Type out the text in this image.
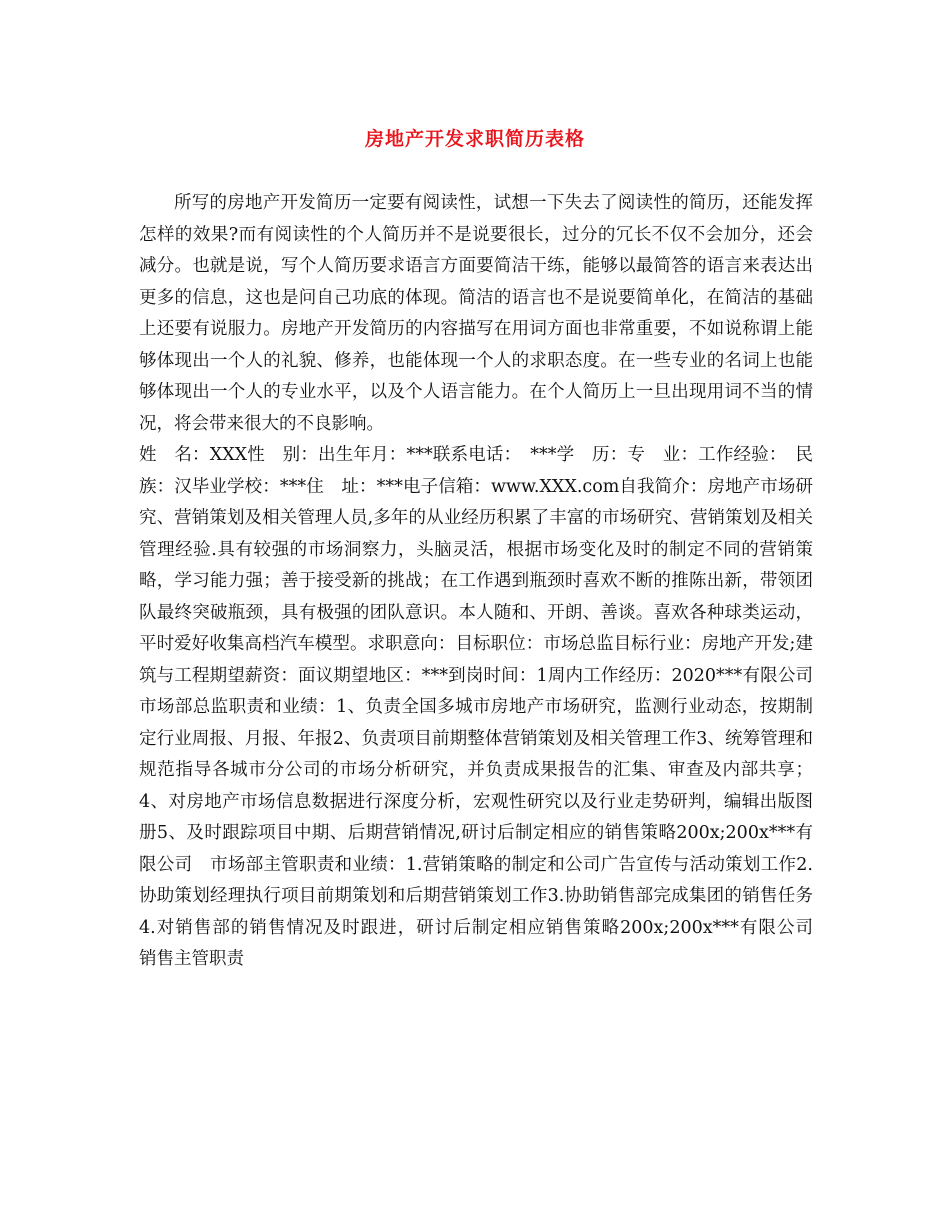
房地产开发求职简历表格

所写的房地产开发简历一定要有阅读性，试想一下失去了阅读性的简历，还能发挥怎样的效果?而有阅读性的个人简历并不是说要很长，过分的冗长不仅不会加分，还会减分。也就是说，写个人简历要求语言方面要简洁干练，能够以最简答的语言来表达出更多的信息，这也是问自己功底的体现。简洁的语言也不是说要简单化，在简洁的基础上还要有说服力。房地产开发简历的内容描写在用词方面也非常重要，不如说称谓上能够体现出一个人的礼貌、修养，也能体现一个人的求职态度。在一些专业的名词上也能够体现出一个人的专业水平，以及个人语言能力。在个人简历上一旦出现用词不当的情况，将会带来很大的不良影响。

姓　名：XXX性　别：出生年月：***联系电话：　***学　历：专　业：工作经验：　民族：汉毕业学校：***住　址：***电子信箱：www.XXX.com自我简介：房地产市场研究、营销策划及相关管理人员,多年的从业经历积累了丰富的市场研究、营销策划及相关管理经验.具有较强的市场洞察力，头脑灵活，根据市场变化及时的制定不同的营销策略，学习能力强；善于接受新的挑战；在工作遇到瓶颈时喜欢不断的推陈出新，带领团队最终突破瓶颈，具有极强的团队意识。本人随和、开朗、善谈。喜欢各种球类运动，平时爱好收集高档汽车模型。求职意向：目标职位：市场总监目标行业：房地产开发;建筑与工程期望薪资：面议期望地区：***到岗时间：1周内工作经历：2020***有限公司　市场部总监职责和业绩：1、负责全国多城市房地产市场研究，监测行业动态，按期制定行业周报、月报、年报2、负责项目前期整体营销策划及相关管理工作3、统筹管理和规范指导各城市分公司的市场分析研究，并负责成果报告的汇集、审查及内部共享；4、对房地产市场信息数据进行深度分析，宏观性研究以及行业走势研判，编辑出版图册5、及时跟踪项目中期、后期营销情况,研讨后制定相应的销售策略200x;200x***有限公司　市场部主管职责和业绩：1.营销策略的制定和公司广告宣传与活动策划工作2.协助策划经理执行项目前期策划和后期营销策划工作3.协助销售部完成集团的销售任务4.对销售部的销售情况及时跟进，研讨后制定相应销售策略200x;200x***有限公司　销售主管职责
